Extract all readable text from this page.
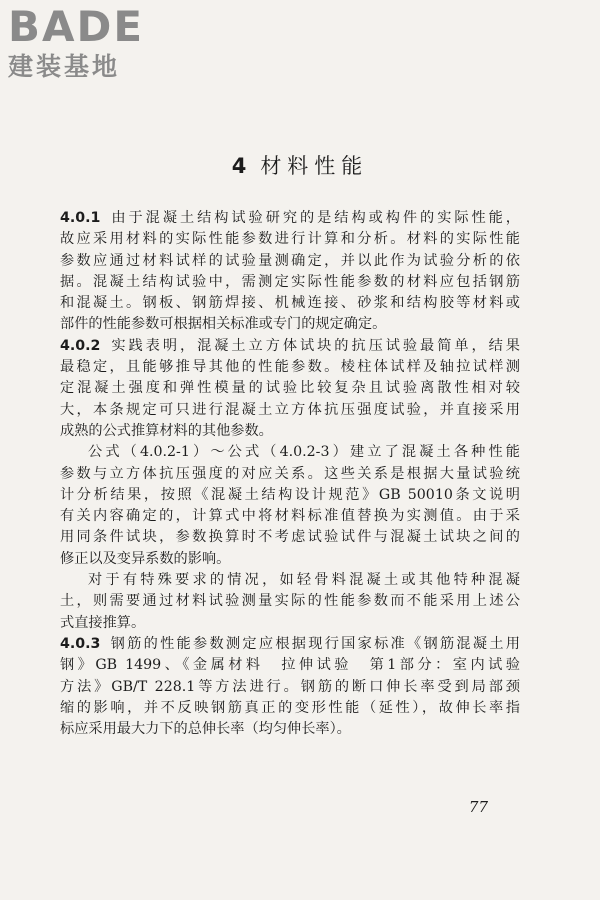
BADE
建装基地
4 材料性能
4.0.1 由于混凝土结构试验研究的是结构或构件的实际性能，
故应采用材料的实际性能参数进行计算和分析。材料的实际性能
参数应通过材料试样的试验量测确定，并以此作为试验分析的依
据。混凝土结构试验中，需测定实际性能参数的材料应包括钢筋
和混凝土。钢板、钢筋焊接、机械连接、砂浆和结构胶等材料或
部件的性能参数可根据相关标准或专门的规定确定。
4.0.2 实践表明，混凝土立方体试块的抗压试验最简单，结果
最稳定，且能够推导其他的性能参数。棱柱体试样及轴拉试样测
定混凝土强度和弹性模量的试验比较复杂且试验离散性相对较
大，本条规定可只进行混凝土立方体抗压强度试验，并直接采用
成熟的公式推算材料的其他参数。
公式（4.0.2-1）～公式（4.0.2-3）建立了混凝土各种性能
参数与立方体抗压强度的对应关系。这些关系是根据大量试验统
计分析结果，按照《混凝土结构设计规范》GB 50010条文说明
有关内容确定的，计算式中将材料标准值替换为实测值。由于采
用同条件试块，参数换算时不考虑试验试件与混凝土试块之间的
修正以及变异系数的影响。
对于有特殊要求的情况，如轻骨料混凝土或其他特种混凝
土，则需要通过材料试验测量实际的性能参数而不能采用上述公
式直接推算。
4.0.3 钢筋的性能参数测定应根据现行国家标准《钢筋混凝土用
钢》GB 1499、《金属材料　拉伸试验　第1部分：室内试验
方法》GB/T 228.1等方法进行。钢筋的断口伸长率受到局部颈
缩的影响，并不反映钢筋真正的变形性能（延性），故伸长率指
标应采用最大力下的总伸长率（均匀伸长率）。
77
